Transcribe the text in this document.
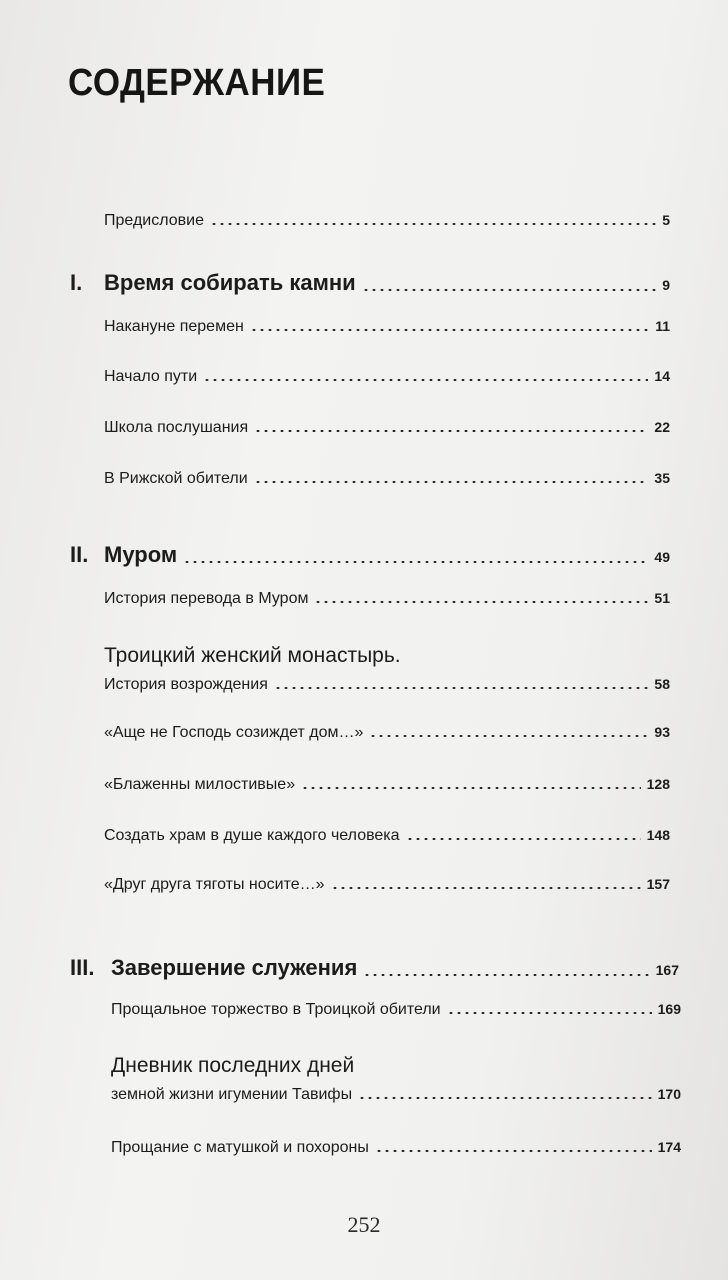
СОДЕРЖАНИЕ
Предисловие	5
I. Время собирать камни	9
Накануне перемен	11
Начало пути	14
Школа послушания	22
В Рижской обители	35
II. Муром	49
История перевода в Муром	51
Троицкий женский монастырь.
История возрождения	58
«Аще не Господь созиждет дом…»	93
«Блаженны милостивые»	128
Создать храм в душе каждого человека	148
«Друг друга тяготы носите…»	157
III. Завершение служения	167
Прощальное торжество в Троицкой обители	169
Дневник последних дней
земной жизни игумении Тавифы	170
Прощание с матушкой и похороны	174
252
